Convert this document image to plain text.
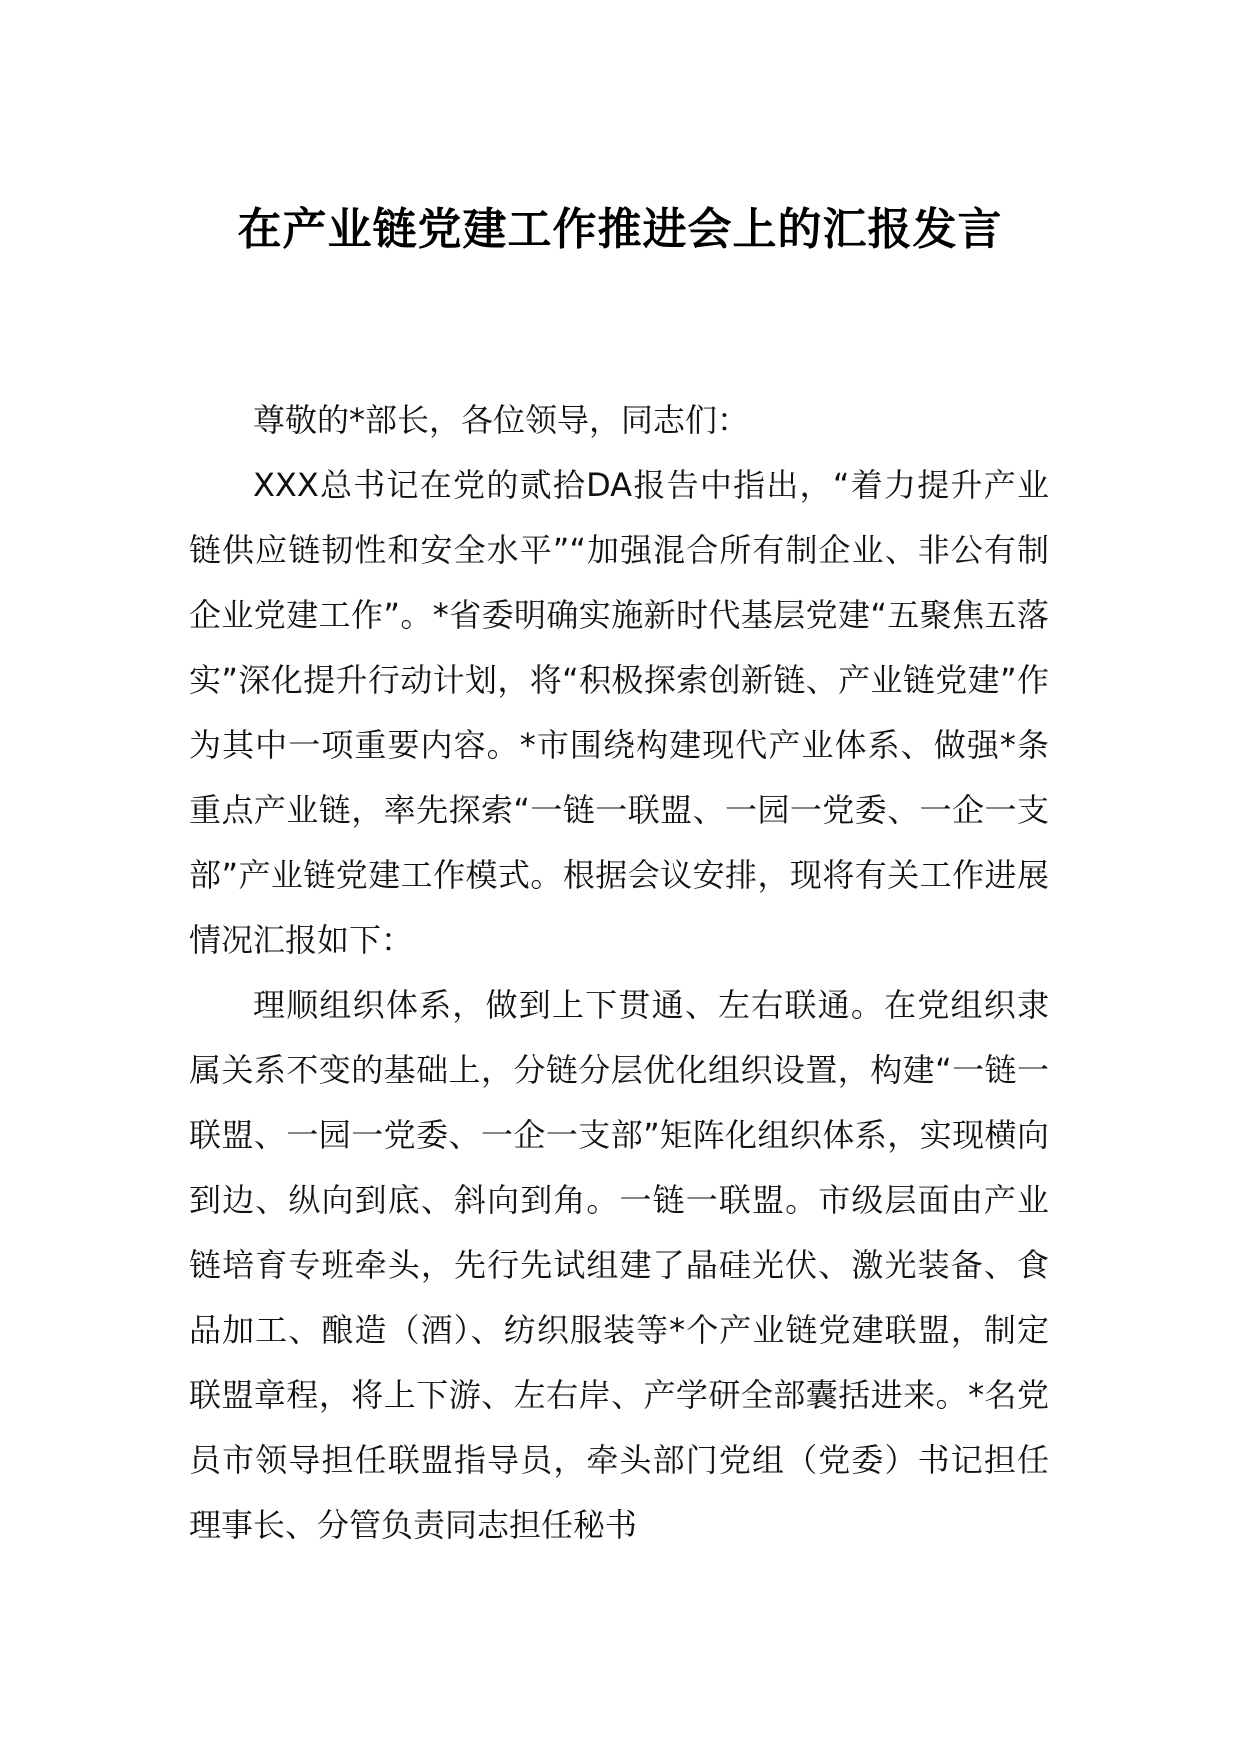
在产业链党建工作推进会上的汇报发言

尊敬的*部长，各位领导，同志们：

XXX总书记在党的贰拾DA报告中指出，“着力提升产业链供应链韧性和安全水平”“加强混合所有制企业、非公有制企业党建工作”。*省委明确实施新时代基层党建“五聚焦五落实”深化提升行动计划，将“积极探索创新链、产业链党建”作为其中一项重要内容。*市围绕构建现代产业体系、做强*条重点产业链，率先探索“一链一联盟、一园一党委、一企一支部”产业链党建工作模式。根据会议安排，现将有关工作进展情况汇报如下：

理顺组织体系，做到上下贯通、左右联通。在党组织隶属关系不变的基础上，分链分层优化组织设置，构建“一链一联盟、一园一党委、一企一支部”矩阵化组织体系，实现横向到边、纵向到底、斜向到角。一链一联盟。市级层面由产业链培育专班牵头，先行先试组建了晶硅光伏、激光装备、食品加工、酿造（酒）、纺织服装等*个产业链党建联盟，制定联盟章程，将上下游、左右岸、产学研全部囊括进来。*名党员市领导担任联盟指导员，牵头部门党组（党委）书记担任理事长、分管负责同志担任秘书
